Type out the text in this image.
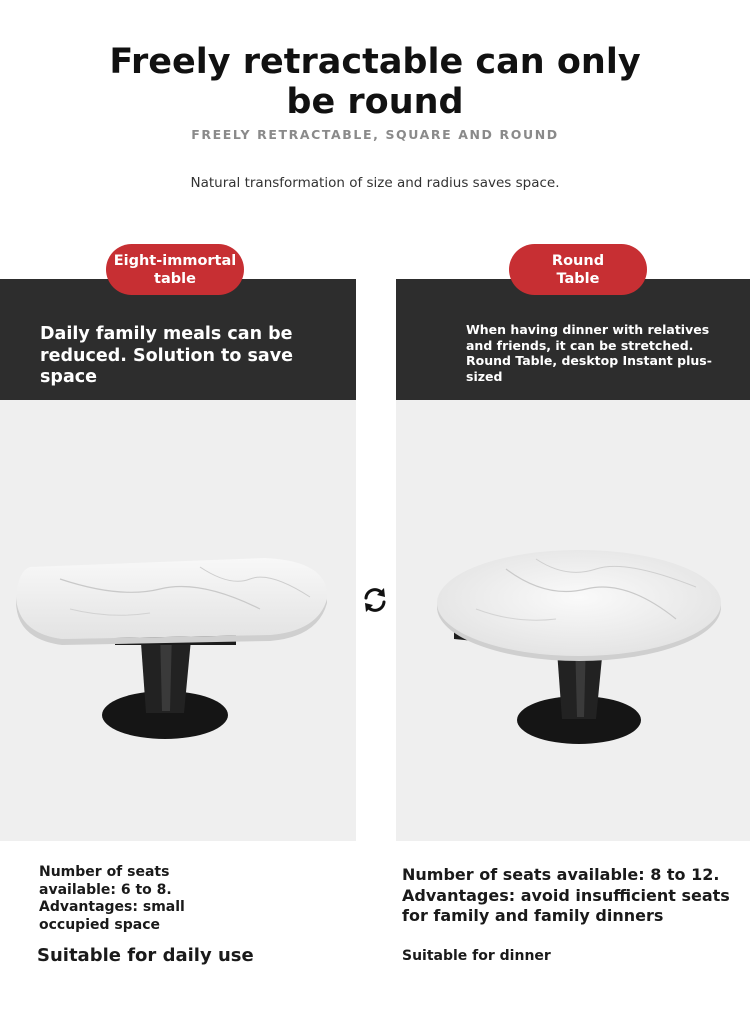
Freely retractable can only
be round
FREELY RETRACTABLE, SQUARE AND ROUND
Natural transformation of size and radius saves space.
Daily family meals can be reduced. Solution to save space
Eight-immortal
table
When having dinner with relatives and friends, it can be stretched. Round Table, desktop Instant plus-sized
Round
Table
Number of seats
available: 6 to 8.
Advantages: small
occupied space
Suitable for daily use
Number of seats available: 8 to 12.
Advantages: avoid insufficient seats for family and family dinners
Suitable for dinner
